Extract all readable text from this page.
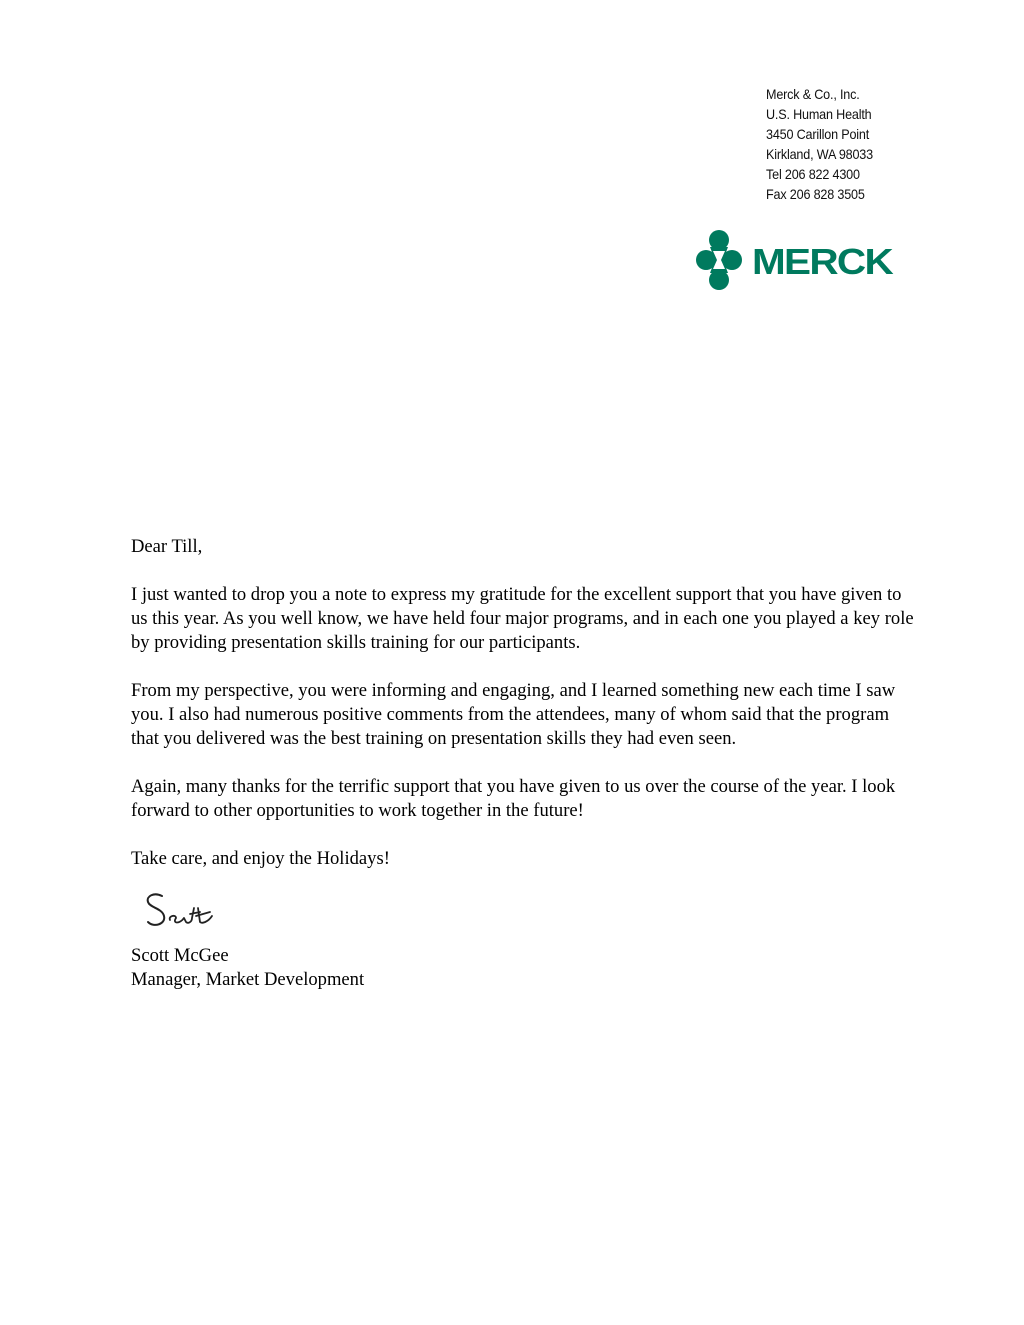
Merck & Co., Inc.
U.S. Human Health
3450 Carillon Point
Kirkland, WA 98033
Tel 206 822 4300
Fax 206 828 3505
MERCK

Dear Till,

I just wanted to drop you a note to express my gratitude for the excellent support that you have given to us this year. As you well know, we have held four major programs, and in each one you played a key role by providing presentation skills training for our participants.

From my perspective, you were informing and engaging, and I learned something new each time I saw you. I also had numerous positive comments from the attendees, many of whom said that the program that you delivered was the best training on presentation skills they had even seen.

Again, many thanks for the terrific support that you have given to us over the course of the year. I look forward to other opportunities to work together in the future!

Take care, and enjoy the Holidays!

Scott McGee
Manager, Market Development
